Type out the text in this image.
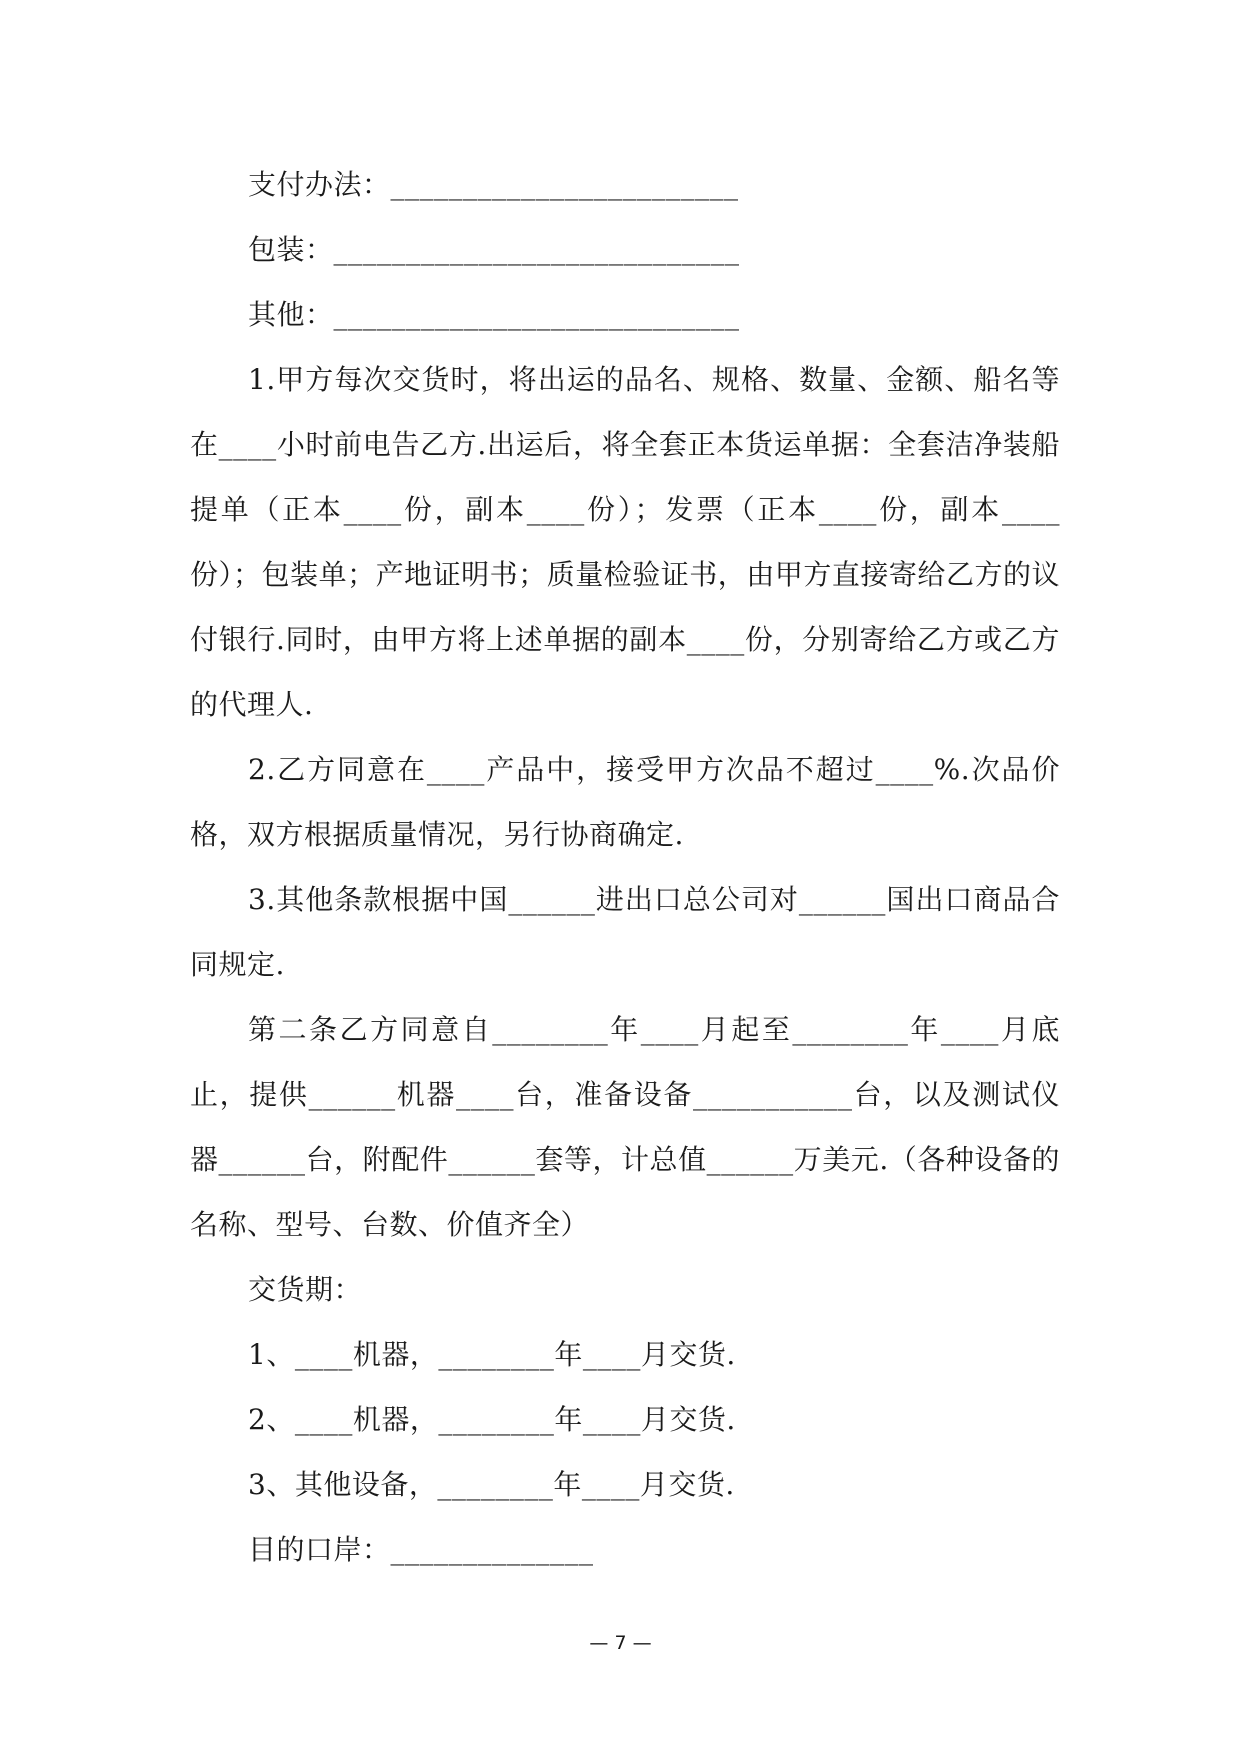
支付办法：________________________
包装：____________________________
其他：____________________________

1.甲方每次交货时，将出运的品名、规格、数量、金额、船名等在____小时前电告乙方.出运后，将全套正本货运单据：全套洁净装船提单（正本____份，副本____份）；发票（正本____份，副本____份）；包装单；产地证明书；质量检验证书，由甲方直接寄给乙方的议付银行.同时，由甲方将上述单据的副本____份，分别寄给乙方或乙方的代理人.

2.乙方同意在____产品中，接受甲方次品不超过____%.次品价格，双方根据质量情况，另行协商确定.

3.其他条款根据中国______进出口总公司对______国出口商品合同规定.

第二条乙方同意自________年____月起至________年____月底止，提供______机器____台，准备设备___________台，以及测试仪器______台，附配件______套等，计总值______万美元.（各种设备的名称、型号、台数、价值齐全）

交货期：
1、____机器，________年____月交货.
2、____机器，________年____月交货.
3、其他设备，________年____月交货.
目的口岸：______________
— 7 —
